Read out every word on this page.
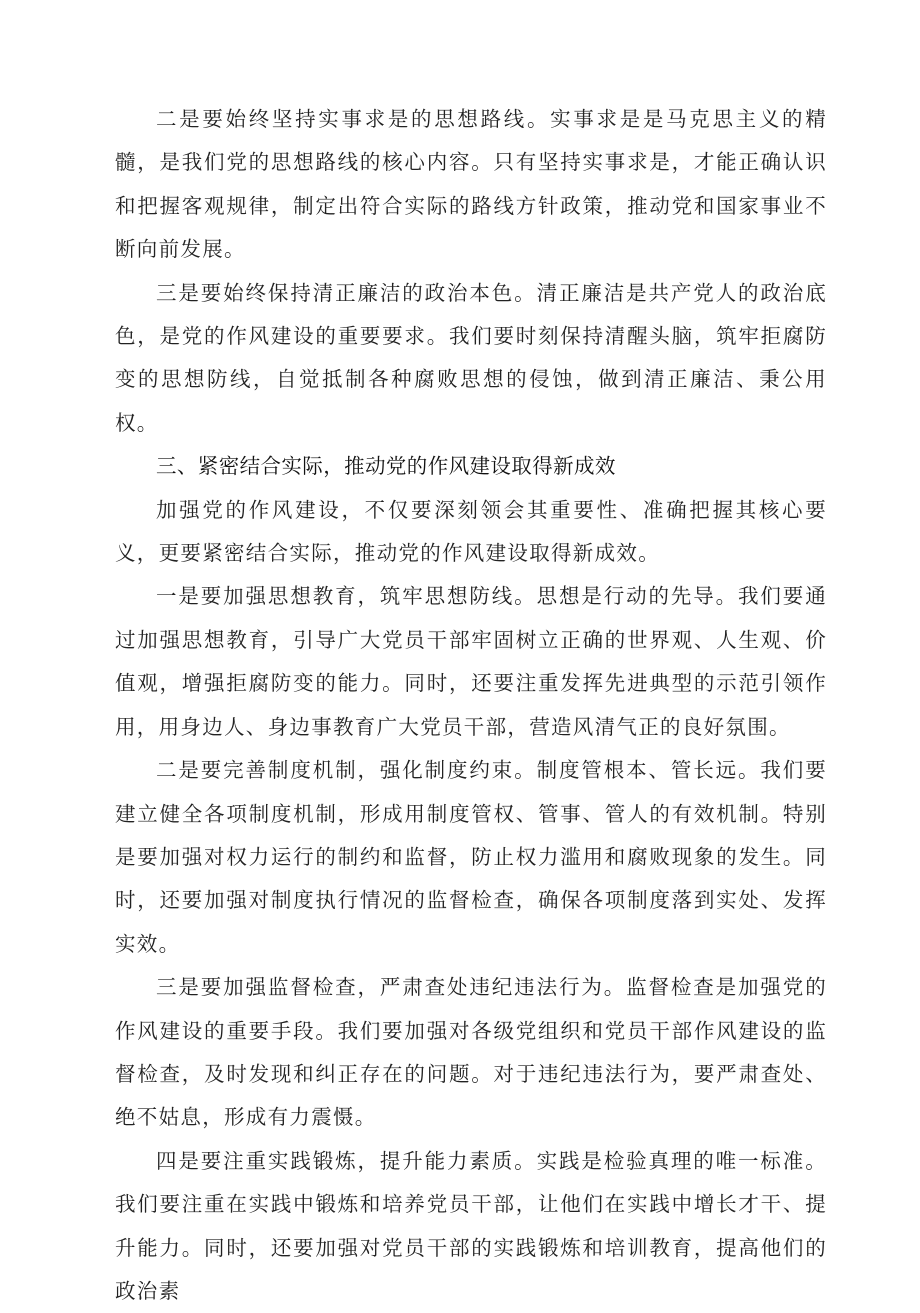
二是要始终坚持实事求是的思想路线。实事求是是马克思主义的精髓，是我们党的思想路线的核心内容。只有坚持实事求是，才能正确认识和把握客观规律，制定出符合实际的路线方针政策，推动党和国家事业不断向前发展。

三是要始终保持清正廉洁的政治本色。清正廉洁是共产党人的政治底色，是党的作风建设的重要要求。我们要时刻保持清醒头脑，筑牢拒腐防变的思想防线，自觉抵制各种腐败思想的侵蚀，做到清正廉洁、秉公用权。

三、紧密结合实际，推动党的作风建设取得新成效

加强党的作风建设，不仅要深刻领会其重要性、准确把握其核心要义，更要紧密结合实际，推动党的作风建设取得新成效。

一是要加强思想教育，筑牢思想防线。思想是行动的先导。我们要通过加强思想教育，引导广大党员干部牢固树立正确的世界观、人生观、价值观，增强拒腐防变的能力。同时，还要注重发挥先进典型的示范引领作用，用身边人、身边事教育广大党员干部，营造风清气正的良好氛围。

二是要完善制度机制，强化制度约束。制度管根本、管长远。我们要建立健全各项制度机制，形成用制度管权、管事、管人的有效机制。特别是要加强对权力运行的制约和监督，防止权力滥用和腐败现象的发生。同时，还要加强对制度执行情况的监督检查，确保各项制度落到实处、发挥实效。

三是要加强监督检查，严肃查处违纪违法行为。监督检查是加强党的作风建设的重要手段。我们要加强对各级党组织和党员干部作风建设的监督检查，及时发现和纠正存在的问题。对于违纪违法行为，要严肃查处、绝不姑息，形成有力震慑。

四是要注重实践锻炼，提升能力素质。实践是检验真理的唯一标准。我们要注重在实践中锻炼和培养党员干部，让他们在实践中增长才干、提升能力。同时，还要加强对党员干部的实践锻炼和培训教育，提高他们的政治素
